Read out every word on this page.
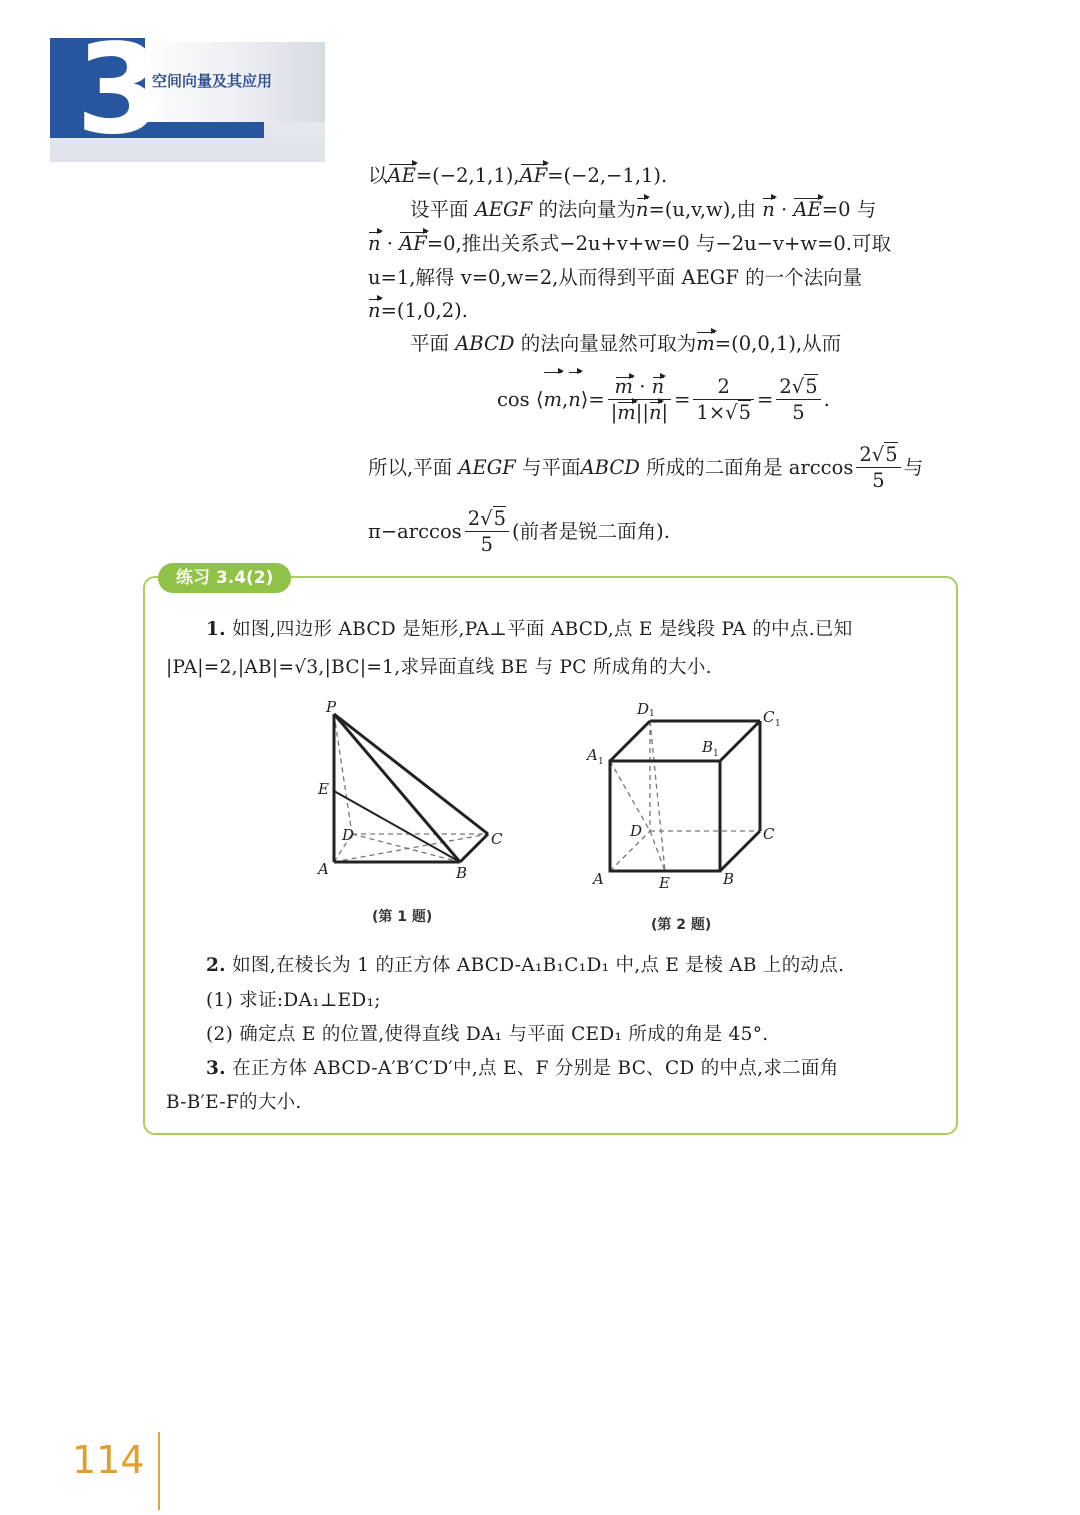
3
空间向量及其应用
以AE=(−2,1,1),AF=(−2,−1,1).
设平面 AEGF 的法向量为n=(u,v,w),由 n · AE=0 与
n · AF=0,推出关系式−2u+v+w=0 与−2u−v+w=0.可取
u=1,解得 v=0,w=2,从而得到平面 AEGF 的一个法向量
n=(1,0,2).
平面 ABCD 的法向量显然可取为m=(0,0,1),从而
cos ⟨m,n⟩= $\frac{m \cdot n}{|m||n|} = \frac{2}{1\times√5} = \frac{2√5}{5}$ .
所以,平面 AEGF 与平面ABCD 所成的二面角是 $\arccos \frac{2√5}{5}$ 与
$\pi-\arccos \frac{2√5}{5}$ (前者是锐二面角).
练习 3.4(2)
1. 如图,四边形 ABCD 是矩形,PA⊥平面 ABCD,点 E 是线段 PA 的中点.已知
|PA|=2,|AB|=√3,|BC|=1,求异面直线 BE 与 PC 所成角的大小.
P
E
D	C
A	B
(第 1 题)
D 1	C 1
A 1
B 1
D	C
A	E	B
(第 2 题)
2. 如图,在棱长为 1 的正方体 ABCD-A₁B₁C₁D₁ 中,点 E 是棱 AB 上的动点.
(1) 求证:DA₁⊥ED₁;
(2) 确定点 E 的位置,使得直线 DA₁ 与平面 CED₁ 所成的角是 45°.
3. 在正方体 ABCD-A′B′C′D′中,点 E、F 分别是 BC、CD 的中点,求二面角
B-B′E-F的大小.
114
